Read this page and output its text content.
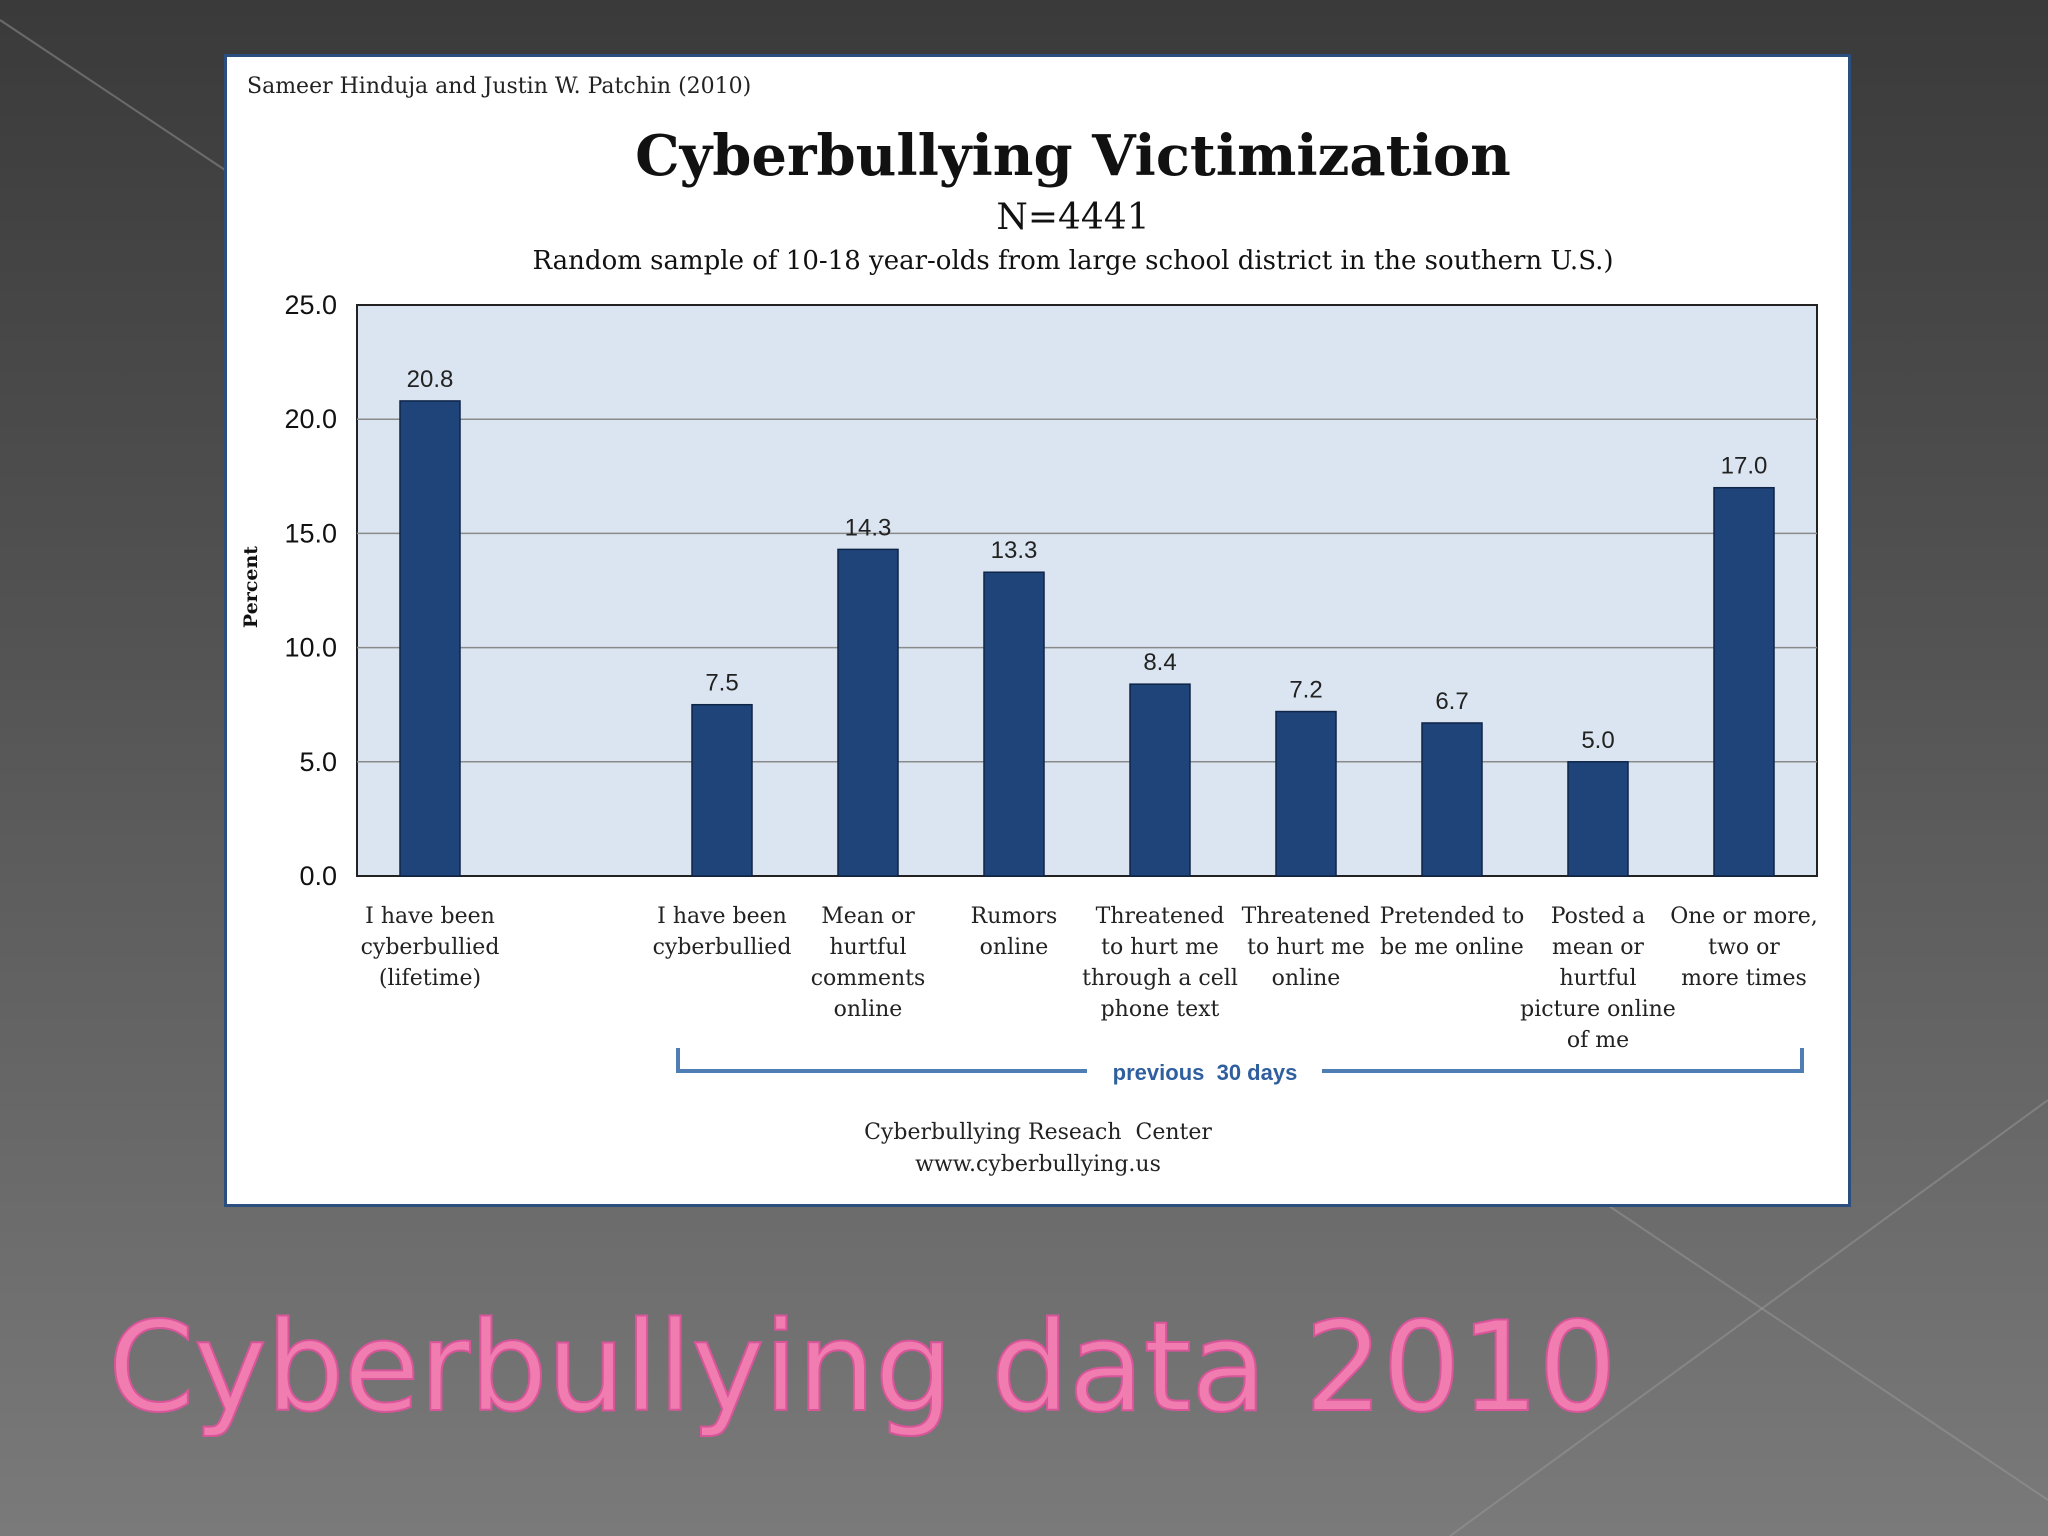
Sameer Hinduja and Justin W. Patchin (2010)
Cyberbullying Victimization
N=4441
Random sample of 10-18 year-olds from large school district in the southern U.S.)
Percent
20.8
7.5
14.3
13.3
8.4
7.2	6.7
5.0
17.0
0.0
5.0
10.0
15.0
20.0
25.0
I have been
cyberbullied
(lifetime)
I have been
cyberbullied
Mean or
hurtful
comments
online
Rumors
online
Threatened
to hurt me
through a cell
phone text
Threatened
to hurt me
online
Pretended to
be me online
Posted a
mean or
hurtful
picture online
of me
One or more,
two or
more times
previous  30 days
Cyberbullying Reseach  Center
www.cyberbullying.us
Cyberbullying data 2010
